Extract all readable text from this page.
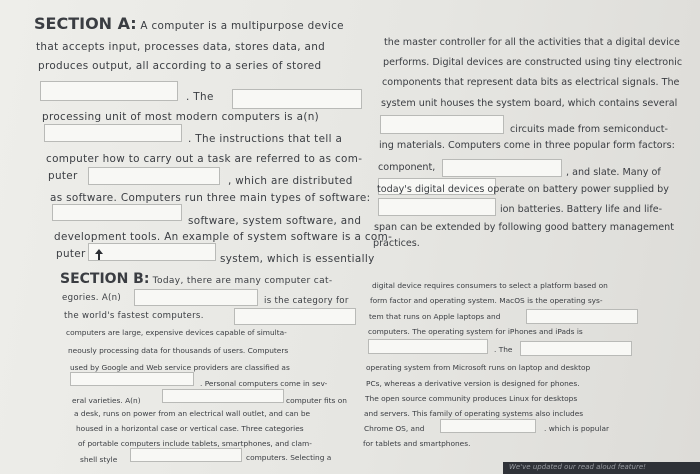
SECTION A: A computer is a multipurpose device
that accepts input, processes data, stores data, and
produces output, all according to a series of stored
. The
processing unit of most modern computers is a(n)
. The instructions that tell a
computer how to carry out a task are referred to as com-
puter	, which are distributed
as software. Computers run three main types of software:
software, system software, and
development tools. An example of system software is a com-
puter	system, which is essentially
the master controller for all the activities that a digital device
performs. Digital devices are constructed using tiny electronic
components that represent data bits as electrical signals. The
system unit houses the system board, which contains several
circuits made from semiconduct-
ing materials. Computers come in three popular form factors:
component,	, and slate. Many of
today's digital devices operate on battery power supplied by
ion batteries. Battery life and life-
span can be extended by following good battery management
practices.
SECTION B: Today, there are many computer cat-
egories. A(n)	is the category for
the world's fastest computers.
computers are large, expensive devices capable of simulta-
neously processing data for thousands of users. Computers
used by Google and Web service providers are classified as
. Personal computers come in sev-
eral varieties. A(n)	computer fits on
a desk, runs on power from an electrical wall outlet, and can be
housed in a horizontal case or vertical case. Three categories
of portable computers include tablets, smartphones, and clam-
shell style	computers. Selecting a
digital device requires consumers to select a platform based on
form factor and operating system. MacOS is the operating sys-
tem that runs on Apple laptops and
computers. The operating system for iPhones and iPads is
. The
operating system from Microsoft runs on laptop and desktop
PCs, whereas a derivative version is designed for phones.
The open source community produces Linux for desktops
and servers. This family of operating systems also includes
Chrome OS, and	. which is popular
for tablets and smartphones.
We've updated our read aloud feature!
